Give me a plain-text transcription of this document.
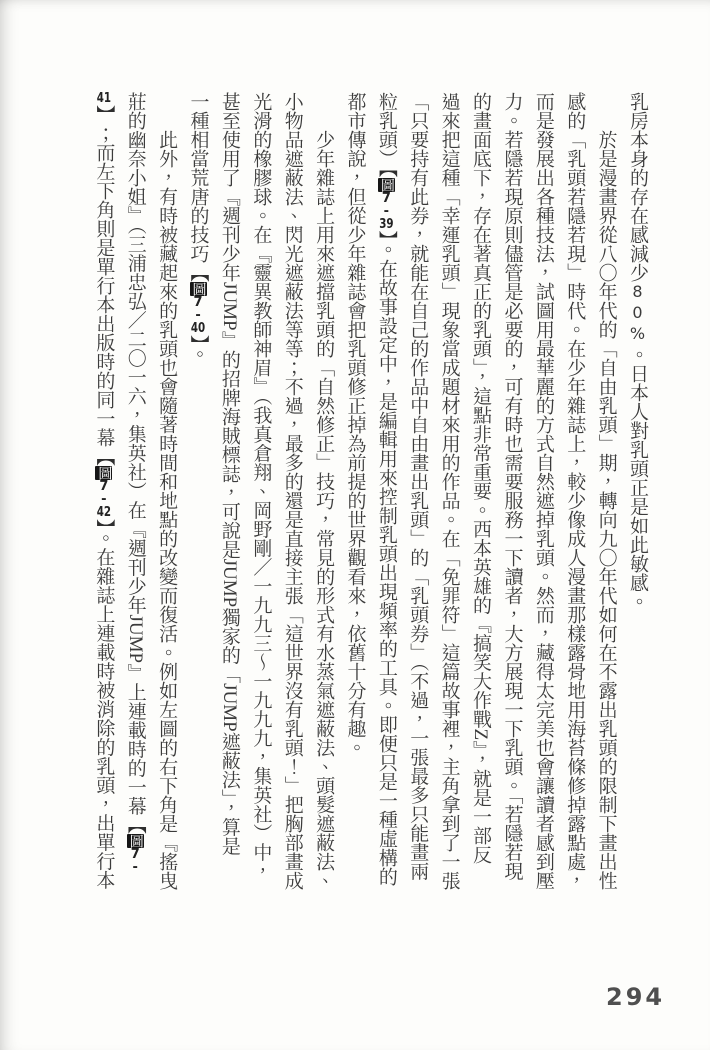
乳房本身的存在感減少80%。日本人對乳頭正是如此敏感。
於是漫畫界從八〇年代的「自由乳頭」期，轉向九〇年代如何在不露出乳頭的限制下畫出性
感的「乳頭若隱若現」時代。在少年雜誌上，較少像成人漫畫那樣露骨地用海苔條修掉露點處，
而是發展出各種技法，試圖用最華麗的方式自然遮掉乳頭。然而，藏得太完美也會讓讀者感到壓
力。若隱若現原則儘管是必要的，可有時也需要服務一下讀者，大方展現一下乳頭。「若隱若現
的畫面底下，存在著真正的乳頭」，這點非常重要。西本英雄的『搞笑大作戰Z』，就是一部反
過來把這種「幸運乳頭」現象當成題材來用的作品。在「免罪符」這篇故事裡，主角拿到了一張
「只要持有此券，就能在自己的作品中自由畫出乳頭」的「乳頭券」（不過，一張最多只能畫兩
粒乳頭）【圖7-39】。在故事設定中，是編輯用來控制乳頭出現頻率的工具。即便只是一種虛構的
都市傳說，但從少年雜誌會把乳頭修正掉為前提的世界觀看來，依舊十分有趣。
少年雜誌上用來遮擋乳頭的「自然修正」技巧，常見的形式有水蒸氣遮蔽法、頭髮遮蔽法、
小物品遮蔽法、閃光遮蔽法等等；不過，最多的還是直接主張「這世界沒有乳頭！」把胸部畫成
光滑的橡膠球。在『靈異教師神眉』（我真倉翔、岡野剛／一九九三～一九九九，集英社）中，
甚至使用了『週刊少年JUMP』的招牌海賊標誌，可說是JUMP獨家的「JUMP遮蔽法」，算是
一種相當荒唐的技巧【圖7-40】。
此外，有時被藏起來的乳頭也會隨著時間和地點的改變而復活。例如左圖的右下角是『搖曳
莊的幽奈小姐』（三浦忠弘／二〇一六，集英社）在『週刊少年JUMP』上連載時的一幕【圖7-
41】；而左下角則是單行本出版時的同一幕【圖7-42】。在雜誌上連載時被消除的乳頭，出單行本
294
